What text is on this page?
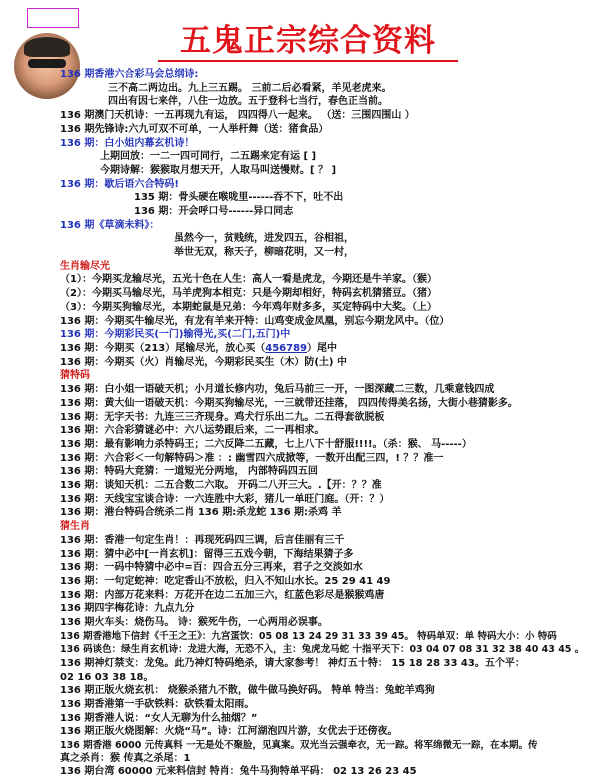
五鬼正宗综合资料
136 期香港六合彩马会总纲诗:
三不高二两边出。九上三五踢。 三前二后必看紧，羊见老虎来。
四出有因七来伴，八住一边放。五于登科七当行，春色正当前。
136 期澳门天机诗：一五再现九有运， 四四得八一起来。 （送：三围四围山 ）
136 期先锋诗:六九可双不可单，一人举杆舞（送：猪食品）
136 期：白小姐内幕玄机诗！
上期回放：一二一四可同行，二五踢来定有运 [ ]
今期诗解：猴猴取月想天开，人取马叫送慢财。[ ？ ]
136 期：歇后语六合特码!
135 期：骨头硬在喉咙里------吞不下，吐不出
136 期：开会呼口号------异口同志
136 期《草滴未料》：
虽然今一，贫贱统，进发四五，谷相祖，
举世无双，称天子，柳暗花明，又一村，
生肖输尽光
（1）：今期买龙输尽光，五光十色在人生：高人一看是虎龙，今期还是牛羊家。（猴）
（2）：今期买马输尽光，马羊虎狗本相克：只是今期却相好，特码玄机猜猪豆。（猪）
（3）：今期买狗输尽光，本期蛇鼠是兄弟：今年鸡年财多多，买定特码中大奖。（上）
136 期：今期买牛输尽光，有龙有羊来开特：山鸡变成金凤凰，别忘今期龙风中。（位）
136 期：今期彩民买(一门)输得光,买(二门,五门)中
136 期：今期买（213）尾输尽光，放心买（456789）尾中
136 期：今期买（火）肖输尽光，今期彩民买生（木）防(土) 中
猜特码
136 期：白小姐一语破天机；小月道长修内功，兔后马前三一开，一图深藏二三数，几乘意钱四成
136 期：黄大仙一语破天机：今期买狗输尽光，一三就带还挂落， 四四传得美名扬，大街小巷猜影多。
136 期：无字天书：九连三三齐现身。鸡犬行乐出二九。二五得套欲脱板
136 期：六合彩猜谜必中：六八运势跟后来，二一再相求。
136 期：最有影响力杀特码王；二六反降二五藏，七上八下十舒服!!!!。（杀：猴、 马-----）
136 期：六合彩＜一句解特码＞准 ：: 幽雪四六成掀等，一数开出配三四，! ？？准一
136 期：特码大竞猜：一道短光分两地， 内部特码四五回
136 期：谈知天机：二五合数二六取。 开码二八开三大。.【开：？？准
136 期：天线宝宝谈合诗：一六连胜中大彩，猪儿一单旺门庭。（开：？）
136 期：港台特码合统杀二肖 136 期:杀龙蛇 136 期:杀鸡 羊
猜生肖
136 期：香港一句定生肖！：再现死码四三调，后言佳丽有三千
136 期：猜中必中[一肖玄机]：留得三五戏今朝，下海结果猜子多
136 期：一码中特猜中必中=百：四合五分三再来，君子之交淡如水
136 期：一句定蛇神：吃定香山不放松，归入不知山水长。25 29 41 49
136 期：内部万花来料：万花开在边二五加三六，红蓝色彩尽是猴猴鸡唐
136 期四字梅花诗：九点九分
136 期火车头：烧伤马。 诗：猴死牛伤，一心两用必误事。
136 期香港地下信封《千王之王》：九宫蛋饮：05 08 13 24 29 31 33 39 45。 特码单双：单 特码大小：小 特码
136 码谈色：绿生肖玄机诗：龙进大海，无恐不入，主：兔虎龙马蛇 十指平天下：03 04 07 08 31 32 38 40 43 45 。
136 期神灯禁支：龙兔。此乃神灯特码绝杀，请大家参考！ 神灯五十特： 15 18 28 33 43。五个平：
02 16 03 38 18。
136 期正版火烧玄机： 烧猴杀猪九不散，做牛做马换好码。 特单 特当：兔蛇羊鸡狗
136 期香港第一手砍铁料：砍铁看太阳雨。
136 期香港人说：“女人无聊为什么抽烟？”
136 期正版火烧图解：火烧“马”。诗：江河湖泡四片游，女优去于还傍夜。
136 期香港 6000 元传真料 一无是处不聚脸，见真案。双光当云强牵衣，无一踪。将军绵微无一踪，在本期。传
真之杀肖：猴 传真之杀尾：1
136 期台湾 60000 元来料信封 特肖：兔牛马狗特单平码： 02 13 26 23 45
